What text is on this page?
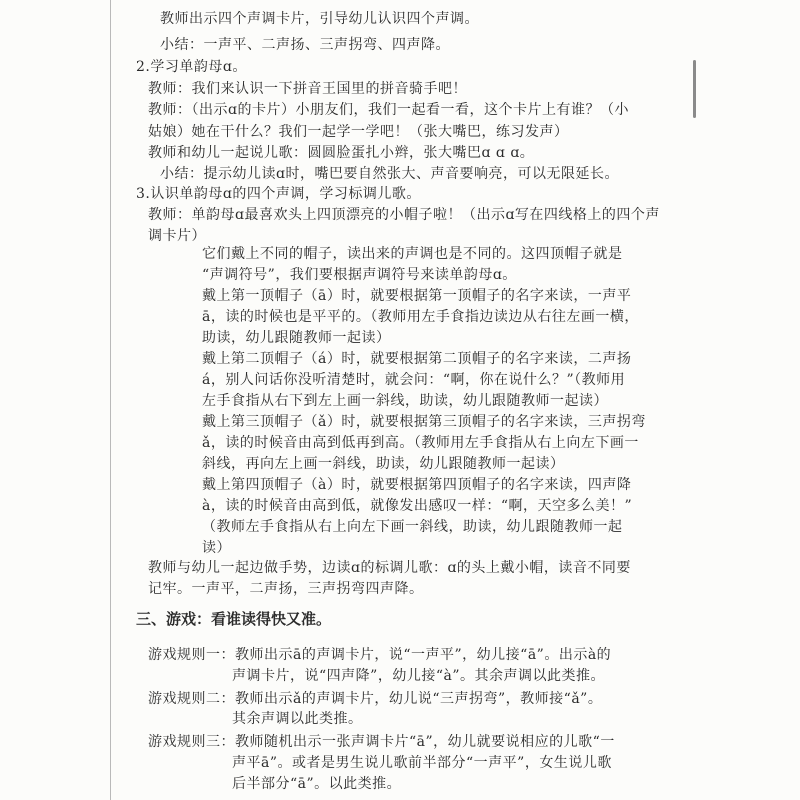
教师出示四个声调卡片，引导幼儿认识四个声调。
小结：一声平、二声扬、三声拐弯、四声降。
2.学习单韵母ɑ。
教师：我们来认识一下拼音王国里的拼音骑手吧！
教师：（出示ɑ的卡片）小朋友们，我们一起看一看，这个卡片上有谁？（小
姑娘）她在干什么？我们一起学一学吧！（张大嘴巴，练习发声）
教师和幼儿一起说儿歌：圆圆脸蛋扎小辫，张大嘴巴ɑ ɑ ɑ。
小结：提示幼儿读ɑ时，嘴巴要自然张大、声音要响亮，可以无限延长。
3.认识单韵母ɑ的四个声调，学习标调儿歌。
教师：单韵母ɑ最喜欢头上四顶漂亮的小帽子啦！（出示ɑ写在四线格上的四个声
调卡片）
它们戴上不同的帽子，读出来的声调也是不同的。这四顶帽子就是
“声调符号”，我们要根据声调符号来读单韵母ɑ。
戴上第一顶帽子（ā）时，就要根据第一顶帽子的名字来读，一声平
ā，读的时候也是平平的。（教师用左手食指边读边从右往左画一横，
助读，幼儿跟随教师一起读）
戴上第二顶帽子（á）时，就要根据第二顶帽子的名字来读，二声扬
á，别人问话你没听清楚时，就会问：“啊，你在说什么？”（教师用
左手食指从右下到左上画一斜线，助读，幼儿跟随教师一起读）
戴上第三顶帽子（ǎ）时，就要根据第三顶帽子的名字来读，三声拐弯
ǎ，读的时候音由高到低再到高。（教师用左手食指从右上向左下画一
斜线，再向左上画一斜线，助读，幼儿跟随教师一起读）
戴上第四顶帽子（à）时，就要根据第四顶帽子的名字来读，四声降
à，读的时候音由高到低，就像发出感叹一样：“啊，天空多么美！”
（教师左手食指从右上向左下画一斜线，助读，幼儿跟随教师一起
读）
教师与幼儿一起边做手势，边读ɑ的标调儿歌：ɑ的头上戴小帽，读音不同要
记牢。一声平，二声扬，三声拐弯四声降。
三、游戏：看谁读得快又准。
游戏规则一：教师出示ā的声调卡片，说“一声平”，幼儿接“ā”。出示à的
声调卡片，说“四声降”，幼儿接“à”。其余声调以此类推。
游戏规则二：教师出示ǎ的声调卡片，幼儿说“三声拐弯”，教师接“ǎ”。
其余声调以此类推。
游戏规则三：教师随机出示一张声调卡片“ā”，幼儿就要说相应的儿歌“一
声平ā”。或者是男生说儿歌前半部分“一声平”，女生说儿歌
后半部分“ā”。以此类推。
